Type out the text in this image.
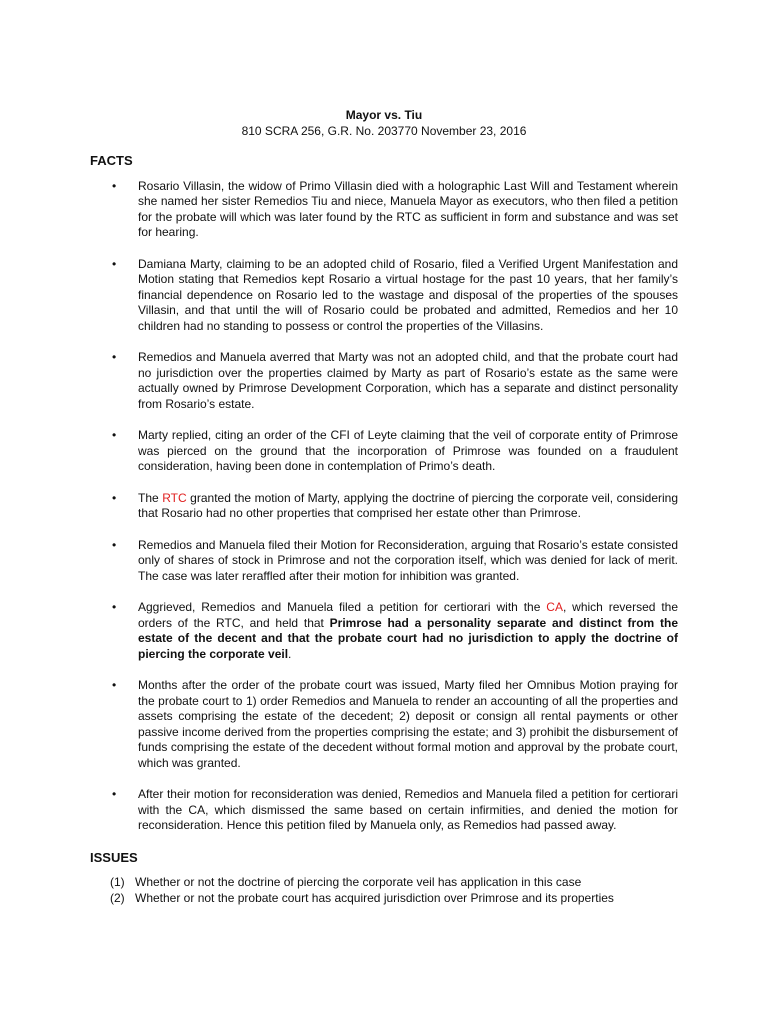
Mayor vs. Tiu

810 SCRA 256, G.R. No. 203770 November 23, 2016

FACTS

• Rosario Villasin, the widow of Primo Villasin died with a holographic Last Will and Testament wherein she named her sister Remedios Tiu and niece, Manuela Mayor as executors, who then filed a petition for the probate will which was later found by the RTC as sufficient in form and substance and was set for hearing.
• Damiana Marty, claiming to be an adopted child of Rosario, filed a Verified Urgent Manifestation and Motion stating that Remedios kept Rosario a virtual hostage for the past 10 years, that her family’s financial dependence on Rosario led to the wastage and disposal of the properties of the spouses Villasin, and that until the will of Rosario could be probated and admitted, Remedios and her 10 children had no standing to possess or control the properties of the Villasins.
• Remedios and Manuela averred that Marty was not an adopted child, and that the probate court had no jurisdiction over the properties claimed by Marty as part of Rosario’s estate as the same were actually owned by Primrose Development Corporation, which has a separate and distinct personality from Rosario’s estate.
• Marty replied, citing an order of the CFI of Leyte claiming that the veil of corporate entity of Primrose was pierced on the ground that the incorporation of Primrose was founded on a fraudulent consideration, having been done in contemplation of Primo’s death.
• The RTC granted the motion of Marty, applying the doctrine of piercing the corporate veil, considering that Rosario had no other properties that comprised her estate other than Primrose.
• Remedios and Manuela filed their Motion for Reconsideration, arguing that Rosario’s estate consisted only of shares of stock in Primrose and not the corporation itself, which was denied for lack of merit. The case was later reraffled after their motion for inhibition was granted.
• Aggrieved, Remedios and Manuela filed a petition for certiorari with the CA, which reversed the orders of the RTC, and held that Primrose had a personality separate and distinct from the estate of the decent and that the probate court had no jurisdiction to apply the doctrine of piercing the corporate veil.
• Months after the order of the probate court was issued, Marty filed her Omnibus Motion praying for the probate court to 1) order Remedios and Manuela to render an accounting of all the properties and assets comprising the estate of the decedent; 2) deposit or consign all rental payments or other passive income derived from the properties comprising the estate; and 3) prohibit the disbursement of funds comprising the estate of the decedent without formal motion and approval by the probate court, which was granted.
• After their motion for reconsideration was denied, Remedios and Manuela filed a petition for certiorari with the CA, which dismissed the same based on certain infirmities, and denied the motion for reconsideration. Hence this petition filed by Manuela only, as Remedios had passed away.

ISSUES

(1) Whether or not the doctrine of piercing the corporate veil has application in this case
(2) Whether or not the probate court has acquired jurisdiction over Primrose and its properties
